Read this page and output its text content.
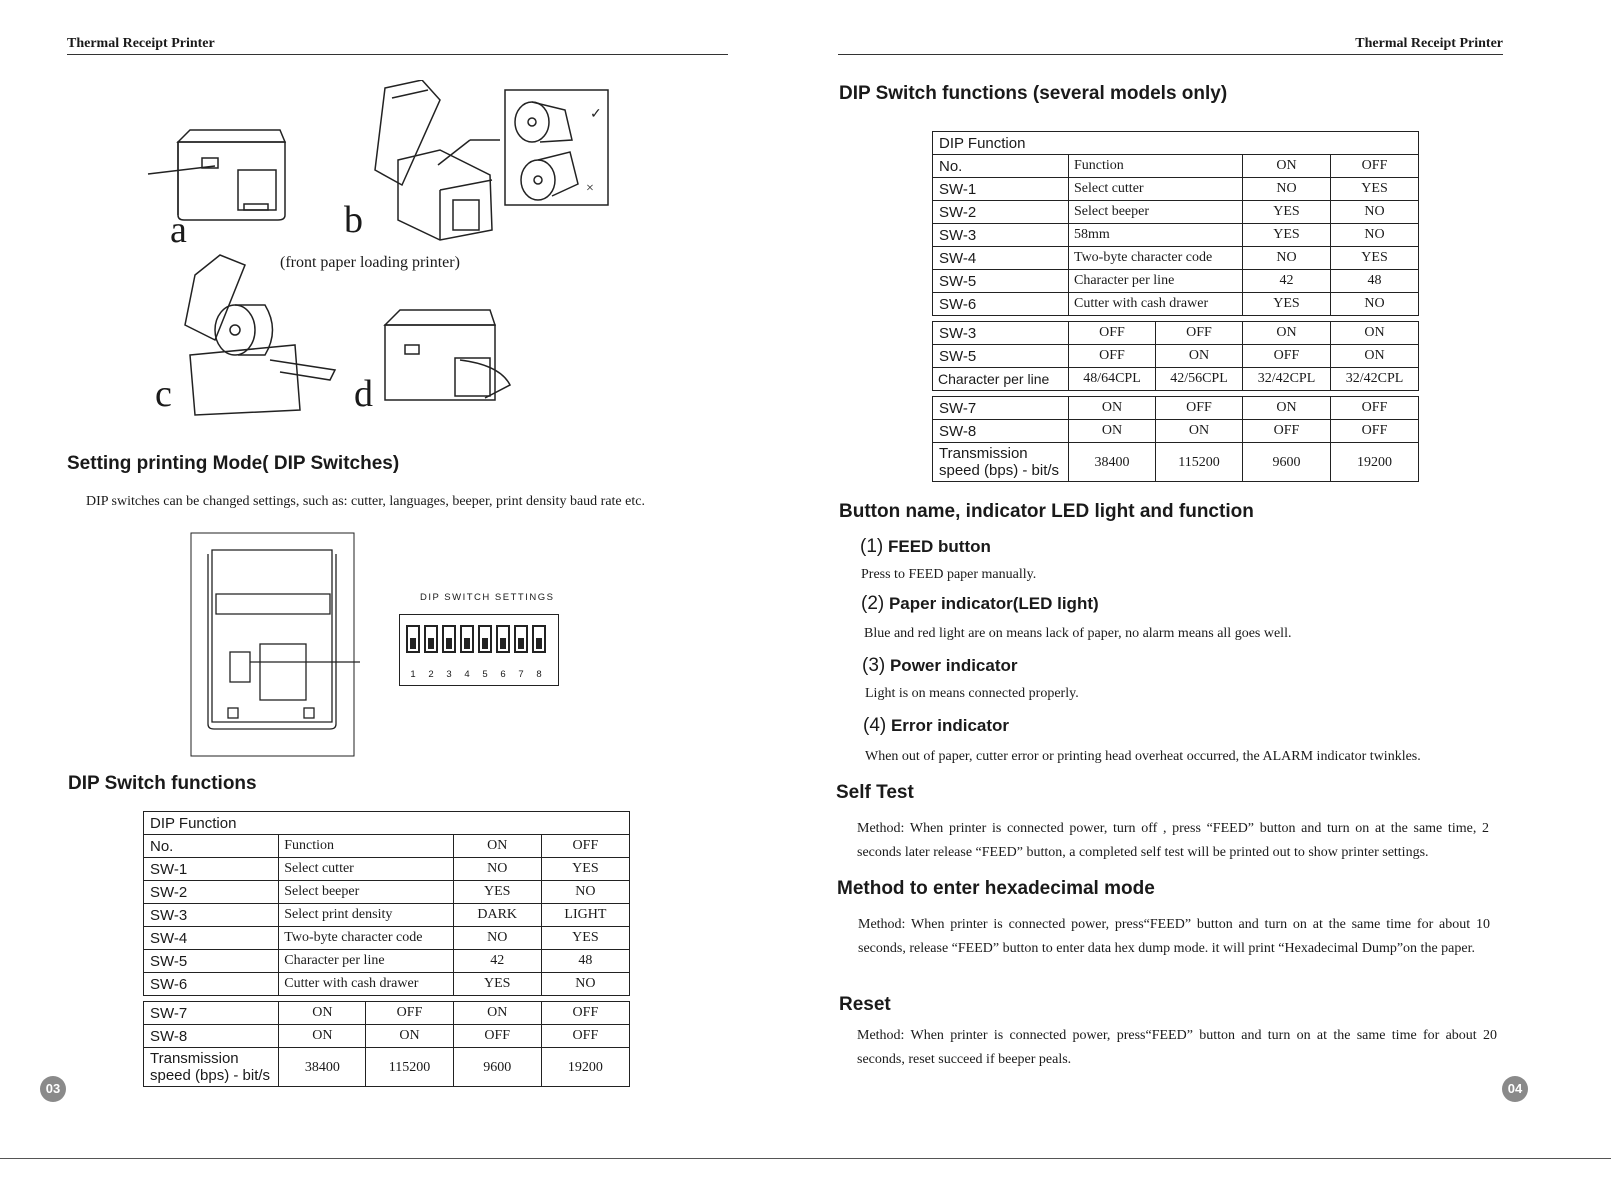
Thermal Receipt Printer
✓
×
a	b
c	d
(front paper loading printer)
Setting printing Mode( DIP Switches)
DIP switches can be changed settings, such as: cutter, languages, beeper, print density baud rate etc.
DIP SWITCH SETTINGS
1	2	3	4	5	6	7	8
DIP Switch functions
DIP Function				
No.	Function		ON	OFF
SW-1	Select cutter		NO	YES
SW-2	Select beeper		YES	NO
SW-3	Select print density		DARK	LIGHT
SW-4	Two-byte character code		NO	YES
SW-5	Character per line		42	48
SW-6	Cutter with cash drawer		YES	NO

SW-7	ON	OFF	ON	OFF
SW-8	ON	ON	OFF	OFF
Transmission speed (bps) - bit/s	38400	115200	9600	19200
03
Thermal Receipt Printer
DIP Switch functions (several models only)
DIP Function				
No.	Function		ON	OFF
SW-1	Select cutter		NO	YES
SW-2	Select beeper		YES	NO
SW-3	58mm		YES	NO
SW-4	Two-byte character code		NO	YES
SW-5	Character per line		42	48
SW-6	Cutter with cash drawer		YES	NO

SW-3	OFF	OFF	ON	ON
SW-5	OFF	ON	OFF	ON
Character per line	48/64CPL	42/56CPL	32/42CPL	32/42CPL

SW-7	ON	OFF	ON	OFF
SW-8	ON	ON	OFF	OFF
Transmission speed (bps) - bit/s	38400	115200	9600	19200
Button name, indicator LED light and function
(1) FEED button
Press to FEED paper manually.
(2) Paper indicator(LED light)
Blue and red light are on means lack of paper, no alarm means all goes well.
(3) Power indicator
Light is on means connected properly.
(4) Error indicator
When out of paper, cutter error or printing head overheat occurred, the ALARM indicator twinkles.
Self Test
Method: When printer is connected power, turn off , press “FEED” button and turn on at the same time, 2 seconds later release “FEED” button, a completed self test will be printed out to show printer settings.
Method to enter hexadecimal mode
Method: When printer is connected power, press“FEED” button and turn on at the same time for about 10 seconds, release “FEED” button to enter data hex dump mode. it will print “Hexadecimal Dump”on the paper.
Reset
Method: When printer is connected power, press“FEED” button and turn on at the same time for about 20 seconds, reset succeed if beeper peals.
04
